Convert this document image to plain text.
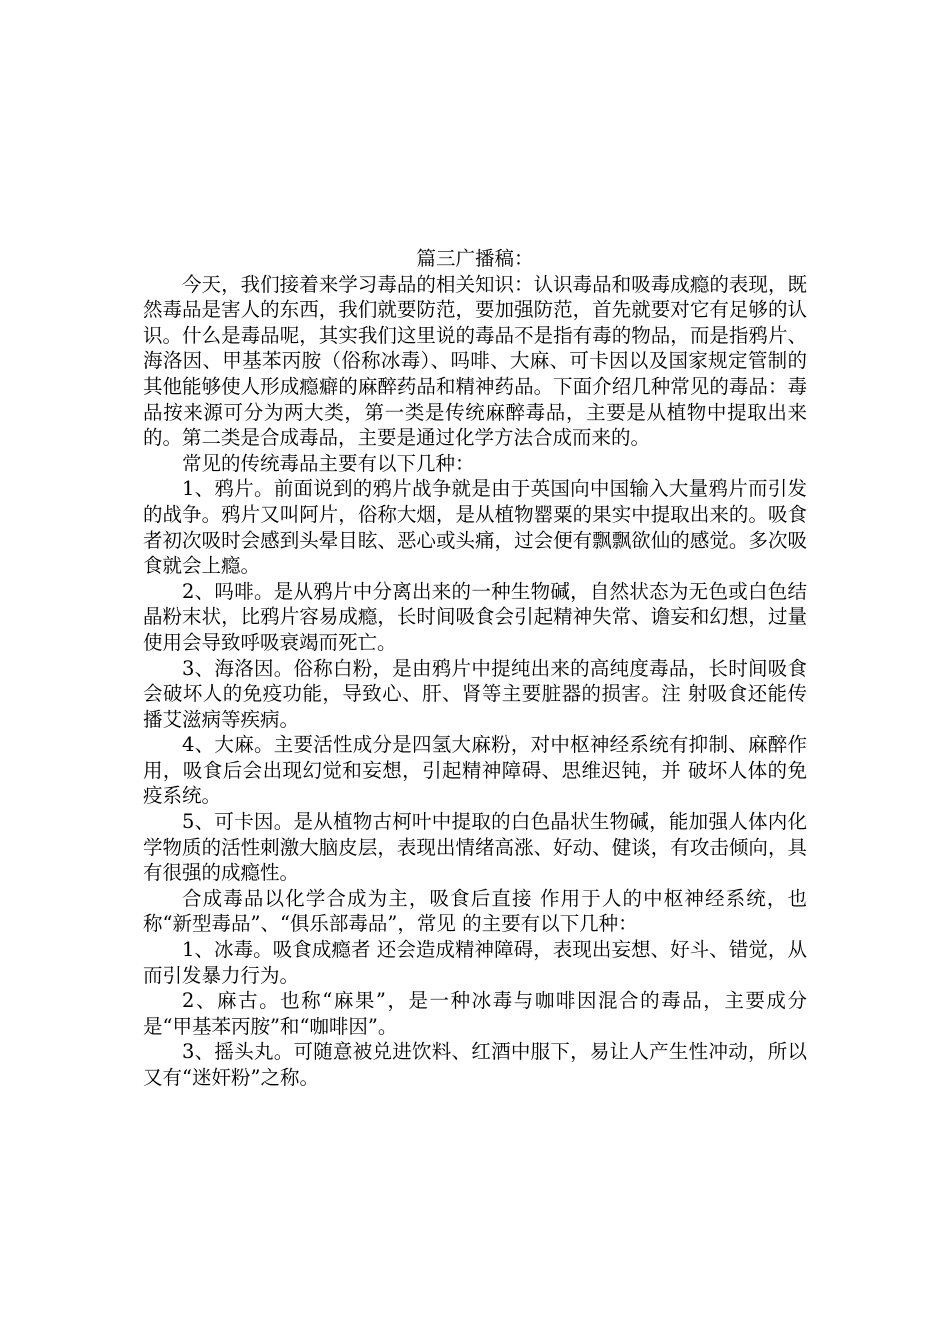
篇三广播稿：

今天，我们接着来学习毒品的相关知识：认识毒品和吸毒成瘾的表现，既然毒品是害人的东西，我们就要防范，要加强防范，首先就要对它有足够的认识。什么是毒品呢，其实我们这里说的毒品不是指有毒的物品，而是指鸦片、海洛因、甲基苯丙胺（俗称冰毒）、吗啡、大麻、可卡因以及国家规定管制的其他能够使人形成瘾癖的麻醉药品和精神药品。下面介绍几种常见的毒品：毒品按来源可分为两大类，第一类是传统麻醉毒品，主要是从植物中提取出来的。第二类是合成毒品，主要是通过化学方法合成而来的。

常见的传统毒品主要有以下几种：

1、鸦片。前面说到的鸦片战争就是由于英国向中国输入大量鸦片而引发的战争。鸦片又叫阿片，俗称大烟，是从植物罂粟的果实中提取出来的。吸食者初次吸时会感到头晕目眩、恶心或头痛，过会便有飘飘欲仙的感觉。多次吸食就会上瘾。

2、吗啡。是从鸦片中分离出来的一种生物碱，自然状态为无色或白色结晶粉末状，比鸦片容易成瘾，长时间吸食会引起精神失常、谵妄和幻想，过量使用会导致呼吸衰竭而死亡。

3、海洛因。俗称白粉，是由鸦片中提纯出来的高纯度毒品，长时间吸食会破坏人的免疫功能，导致心、肝、肾等主要脏器的损害。注 射吸食还能传播艾滋病等疾病。

4、大麻。主要活性成分是四氢大麻粉，对中枢神经系统有抑制、麻醉作用，吸食后会出现幻觉和妄想，引起精神障碍、思维迟钝，并 破坏人体的免疫系统。

5、可卡因。是从植物古柯叶中提取的白色晶状生物碱，能加强人体内化学物质的活性刺激大脑皮层，表现出情绪高涨、好动、健谈，有攻击倾向，具有很强的成瘾性。

合成毒品以化学合成为主，吸食后直接 作用于人的中枢神经系统，也称“新型毒品”、“俱乐部毒品”，常见 的主要有以下几种：

1、冰毒。吸食成瘾者 还会造成精神障碍，表现出妄想、好斗、错觉，从而引发暴力行为。

2、麻古。也称“麻果”，是一种冰毒与咖啡因混合的毒品，主要成分是“甲基苯丙胺”和“咖啡因”。

3、摇头丸。可随意被兑进饮料、红酒中服下，易让人产生性冲动，所以又有“迷奸粉”之称。
